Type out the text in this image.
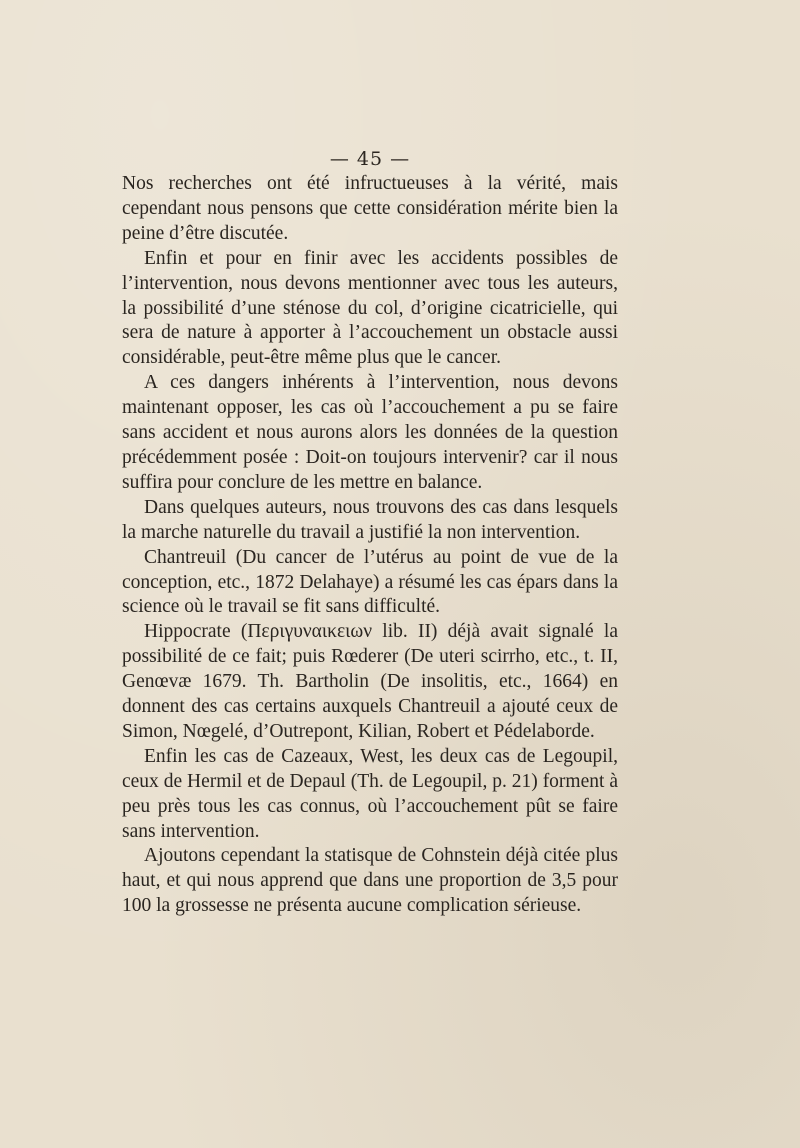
— 45 —

Nos recherches ont été infructueuses à la vérité, mais cependant nous pensons que cette considération mérite bien la peine d’être discutée.

Enfin et pour en finir avec les accidents possibles de l’intervention, nous devons mentionner avec tous les auteurs, la possibilité d’une sténose du col, d’origine cicatricielle, qui sera de nature à apporter à l’accouchement un obstacle aussi considérable, peut-être même plus que le cancer.

A ces dangers inhérents à l’intervention, nous devons maintenant opposer, les cas où l’accouchement a pu se faire sans accident et nous aurons alors les données de la question précédemment posée : Doit-on toujours intervenir? car il nous suffira pour conclure de les mettre en balance.

Dans quelques auteurs, nous trouvons des cas dans lesquels la marche naturelle du travail a justifié la non intervention.

Chantreuil (Du cancer de l’utérus au point de vue de la conception, etc., 1872 Delahaye) a résumé les cas épars dans la science où le travail se fit sans difficulté.

Hippocrate (Περιγυναικειων lib. II) déjà avait signalé la possibilité de ce fait; puis Rœderer (De uteri scirrho, etc., t. II, Genœvæ 1679. Th. Bartholin (De insolitis, etc., 1664) en donnent des cas certains auxquels Chantreuil a ajouté ceux de Simon, Nœgelé, d’Outrepont, Kilian, Robert et Pédelaborde.

Enfin les cas de Cazeaux, West, les deux cas de Legoupil, ceux de Hermil et de Depaul (Th. de Legoupil, p. 21) forment à peu près tous les cas connus, où l’accouchement pût se faire sans intervention.

Ajoutons cependant la statisque de Cohnstein déjà citée plus haut, et qui nous apprend que dans une proportion de 3,5 pour 100 la grossesse ne présenta aucune complication sérieuse.
